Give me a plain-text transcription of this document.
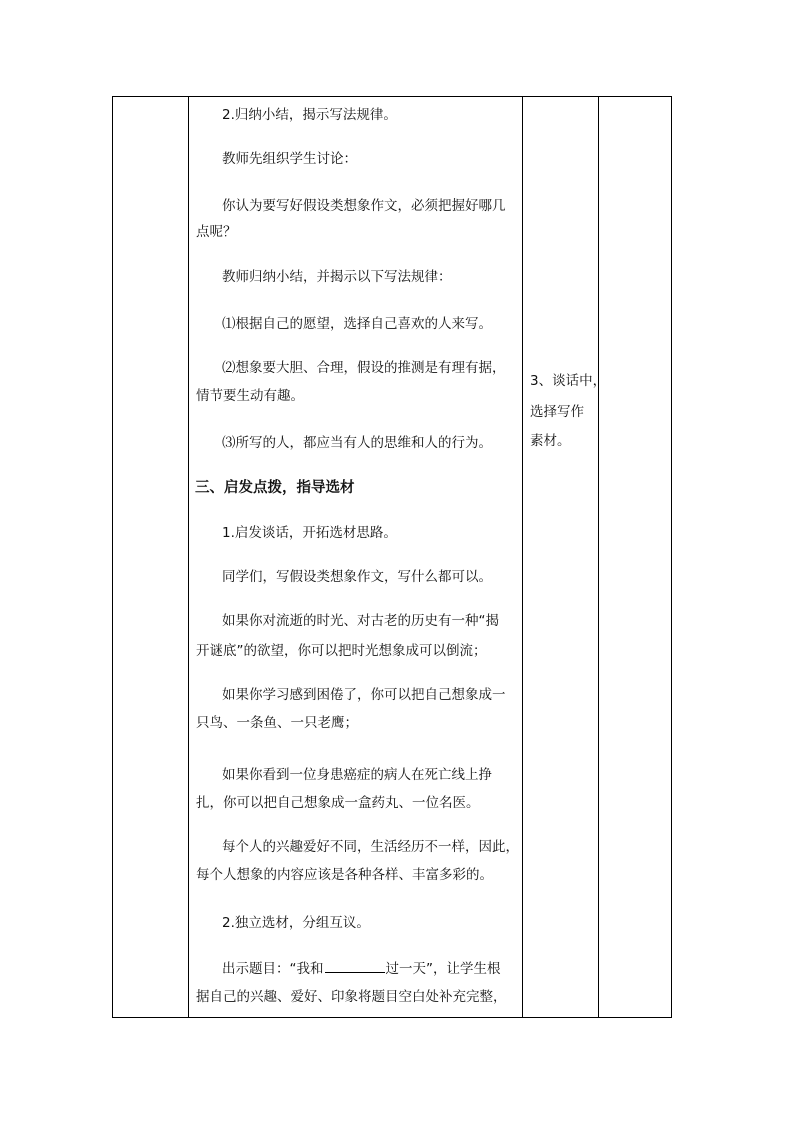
2.归纳小结，揭示写法规律。

教师先组织学生讨论：

你认为要写好假设类想象作文，必须把握好哪几

点呢？

教师归纳小结，并揭示以下写法规律：

⑴根据自己的愿望，选择自己喜欢的人来写。

⑵想象要大胆、合理，假设的推测是有理有据，

情节要生动有趣。

⑶所写的人，都应当有人的思维和人的行为。

三、启发点拨，指导选材

1.启发谈话，开拓选材思路。

同学们，写假设类想象作文，写什么都可以。

如果你对流逝的时光、对古老的历史有一种“揭

开谜底”的欲望，你可以把时光想象成可以倒流；

如果你学习感到困倦了，你可以把自己想象成一

只鸟、一条鱼、一只老鹰；

如果你看到一位身患癌症的病人在死亡线上挣

扎，你可以把自己想象成一盒药丸、一位名医。

每个人的兴趣爱好不同，生活经历不一样，因此，

每个人想象的内容应该是各种各样、丰富多彩的。

2.独立选材，分组互议。

出示题目：“我和	过一天”，让学生根

据自己的兴趣、爱好、印象将题目空白处补充完整，

3、谈话中，
选择写作
素材。
